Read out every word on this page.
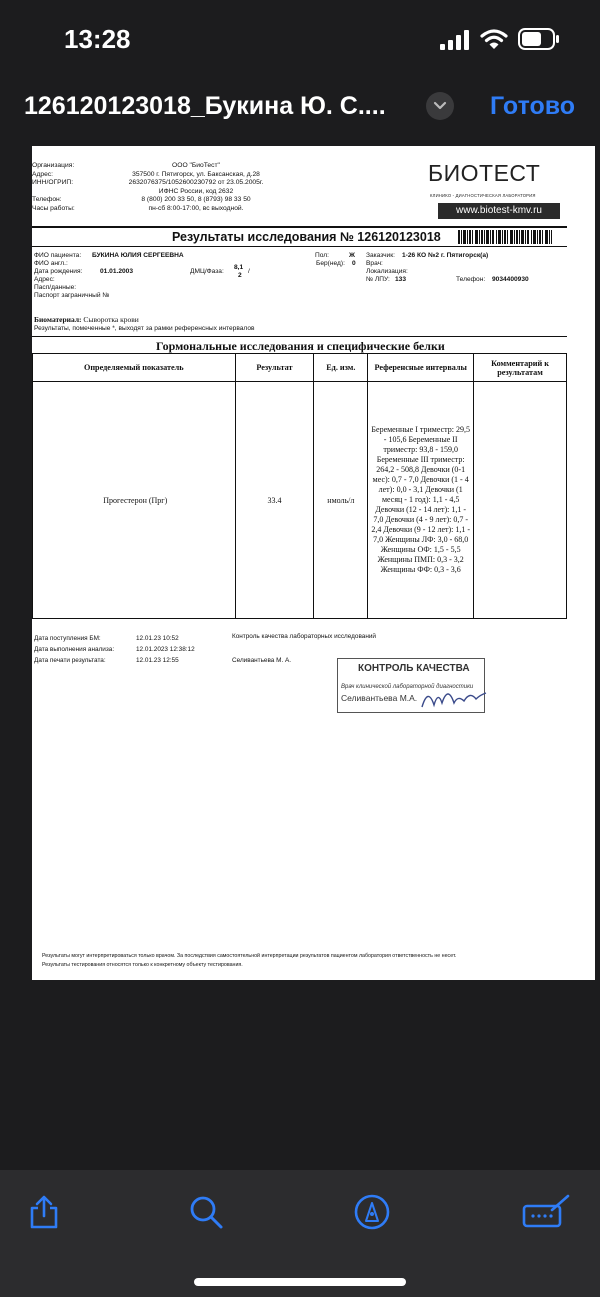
13:28
126120123018_Букина Ю. С....	Готово
Организация:	ООО "БиоТест"
Адрес:	357500 г. Пятигорск, ул. Баксанская, д.28
ИНН/ОГРИП:	2632076375/1052600230792 от 23.05.2005г.
ИФНС России, код 2632
Телефон:	8 (800) 200 33 50, 8 (8793) 98 33 50
Часы работы:	пн-сб 8:00-17:00, вс выходной.
БИОТЕСТ
КЛИНИКО - ДИАГНОСТИЧЕСКАЯ ЛАБОРАТОРИЯ
www.biotest-kmv.ru
Результаты исследования № 126120123018
ФИО пациента: БУКИНА ЮЛИЯ СЕРГЕЕВНА
ФИО англ.:
Дата рождения:	01.01.2003	ДМЦ/Фаза:
8,1
/
2
Адрес:
Пасп/данные:
Паспорт заграничный №
Пол:	Ж
Бер(нед): 0
Заказчик: 1-26 КО №2 г. Пятигорск(а)
Врач:
Локализация:
№ ЛПУ: 133	Телефон: 9034400930
Биоматериал: Сыворотка крови
Результаты, помеченные *, выходят за рамки референсных интервалов
Гормональные исследования и специфические белки
Определяемый показатель	Результат	Ед. изм.	Референсные интервалы	Комментарий к результатам
Прогестерон (Прг)	33.4	нмоль/л	Беременные I триместр: 29,5 - 105,6 Беременные II триместр: 93,8 - 159,0 Беременные III триместр: 264,2 - 508,8 Девочки (0-1 мес): 0,7 - 7,0 Девочки (1 - 4 лет): 0,0 - 3,1 Девочки (1 месяц - 1 год): 1,1 - 4,5 Девочки (12 - 14 лет): 1,1 - 7,0 Девочки (4 - 9 лет): 0,7 - 2,4 Девочки (9 - 12 лет): 1,1 - 7,0 Женщины ЛФ: 3,0 - 68,0 Женщины ОФ: 1,5 - 5,5 Женщины ПМП: 0,3 - 3,2 Женщины ФФ: 0,3 - 3,6	
Дата поступления БМ:	12.01.23 10:52
Дата выполнения анализа:	12.01.2023 12:38:12
Дата печати результата:	12.01.23 12:55
Контроль качества лабораторных исследований
Селивантьева М. А.
КОНТРОЛЬ КАЧЕСТВА
Врач клинической лабораторной диагностики
Селивантьева М.А.
Результаты могут интерпретироваться только врачом. За последствия самостоятельной интерпретации результатов пациентом лаборатория ответственность не несет.
Результаты тестирования относятся только к конкретному объекту тестирования.
